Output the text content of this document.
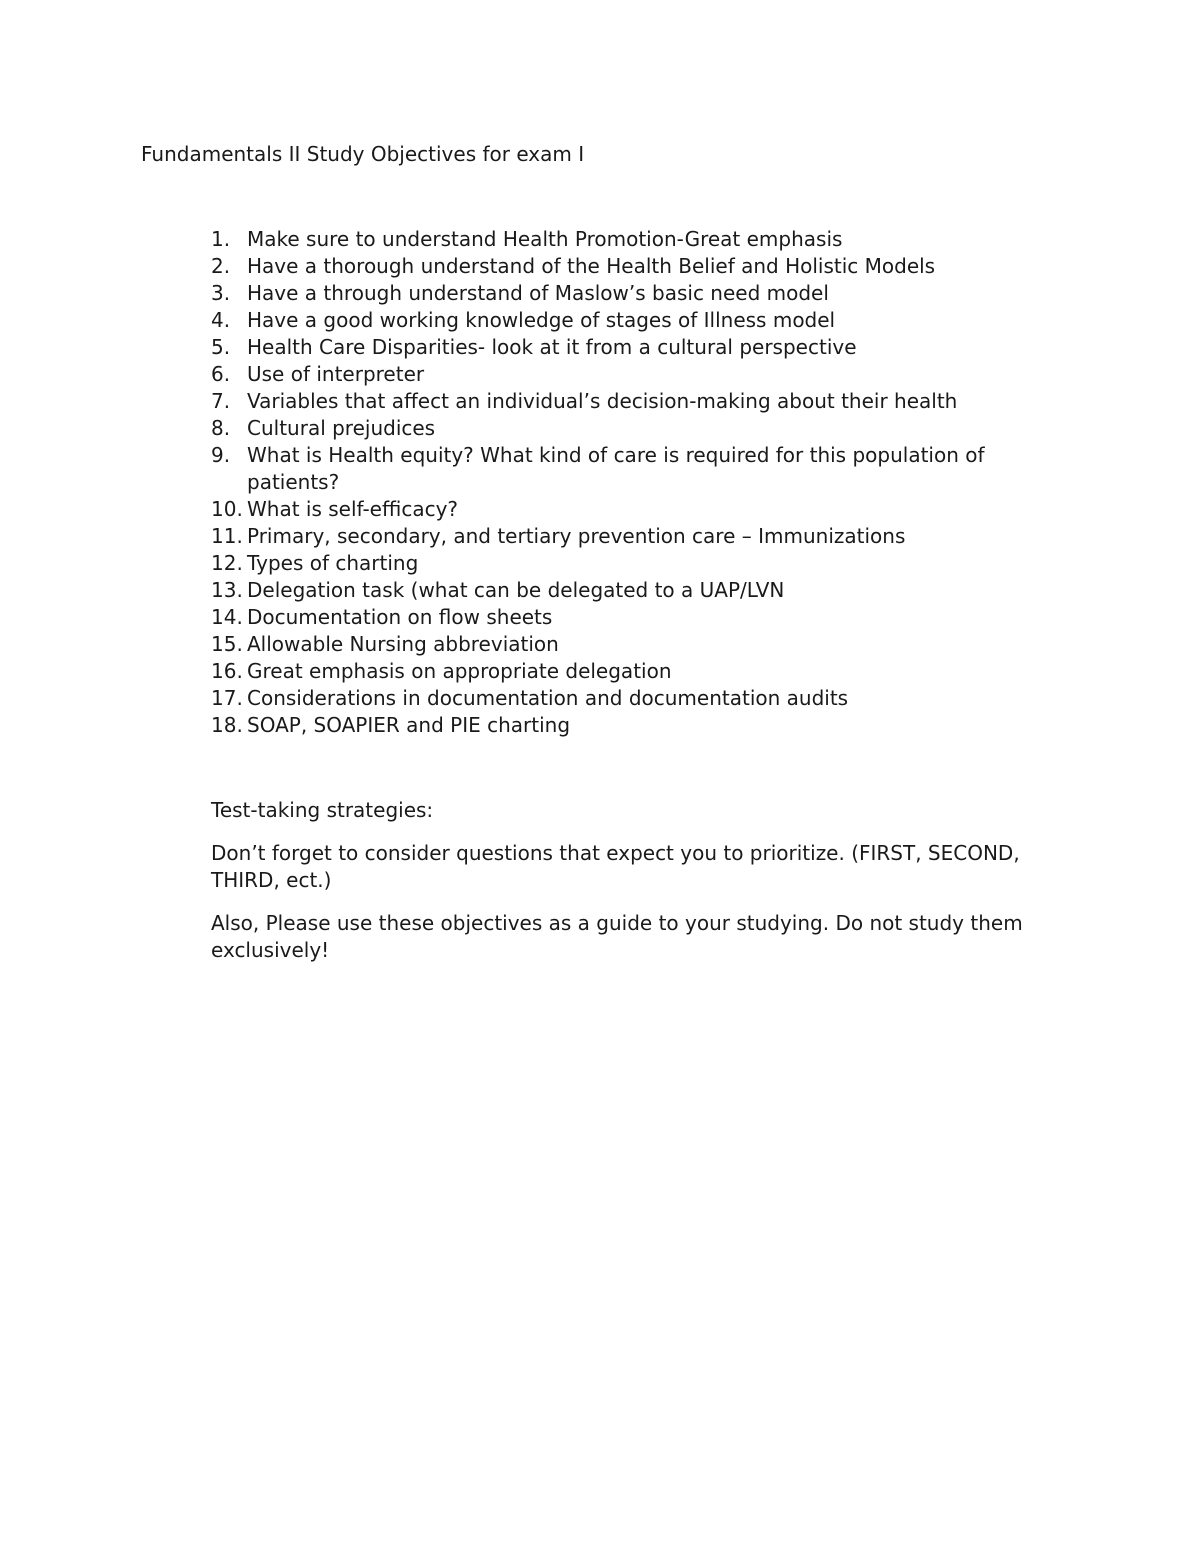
Fundamentals II Study Objectives for exam I
1. Make sure to understand Health Promotion-Great emphasis
2. Have a thorough understand of the Health Belief and Holistic Models
3. Have a through understand of Maslow’s basic need model
4. Have a good working knowledge of stages of Illness model
5. Health Care Disparities- look at it from a cultural perspective
6. Use of interpreter
7. Variables that affect an individual’s decision-making about their health
8. Cultural prejudices
9. What is Health equity? What kind of care is required for this population of patients?
10. What is self-efficacy?
11. Primary, secondary, and tertiary prevention care – Immunizations
12. Types of charting
13. Delegation task (what can be delegated to a UAP/LVN
14. Documentation on flow sheets
15. Allowable Nursing abbreviation
16. Great emphasis on appropriate delegation
17. Considerations in documentation and documentation audits
18. SOAP, SOAPIER and PIE charting

Test-taking strategies:

Don’t forget to consider questions that expect you to prioritize. (FIRST, SECOND, THIRD, ect.)

Also, Please use these objectives as a guide to your studying. Do not study them exclusively!
